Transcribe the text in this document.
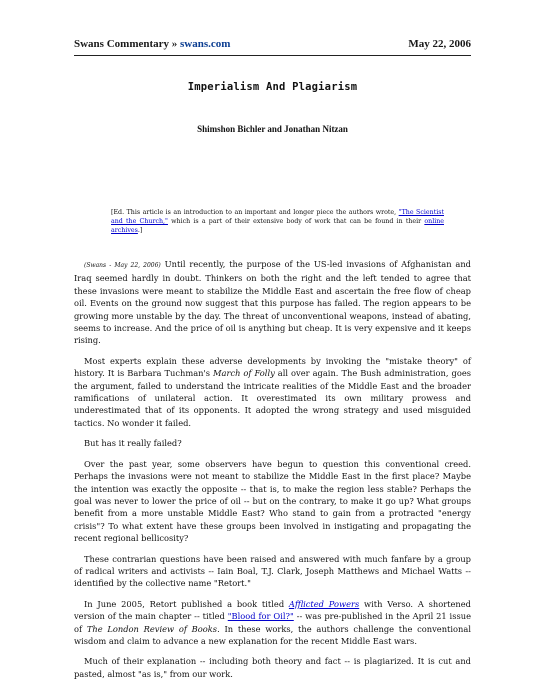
Swans Commentary » swans.com	May 22, 2006
Imperialism And Plagiarism
Shimshon Bichler and Jonathan Nitzan
[Ed. This article is an introduction to an important and longer piece the authors wrote, "The Scientist and the Church," which is a part of their extensive body of work that can be found in their online archives.]

(Swans - May 22, 2006) Until recently, the purpose of the US-led invasions of Afghanistan and Iraq seemed hardly in doubt. Thinkers on both the right and the left tended to agree that these invasions were meant to stabilize the Middle East and ascertain the free flow of cheap oil. Events on the ground now suggest that this purpose has failed. The region appears to be growing more unstable by the day. The threat of unconventional weapons, instead of abating, seems to increase. And the price of oil is anything but cheap. It is very expensive and it keeps rising.

Most experts explain these adverse developments by invoking the "mistake theory" of history. It is Barbara Tuchman's March of Folly all over again. The Bush administration, goes the argument, failed to understand the intricate realities of the Middle East and the broader ramifications of unilateral action. It overestimated its own military prowess and underestimated that of its opponents. It adopted the wrong strategy and used misguided tactics. No wonder it failed.

But has it really failed?

Over the past year, some observers have begun to question this conventional creed. Perhaps the invasions were not meant to stabilize the Middle East in the first place? Maybe the intention was exactly the opposite -- that is, to make the region less stable? Perhaps the goal was never to lower the price of oil -- but on the contrary, to make it go up? What groups benefit from a more unstable Middle East? Who stand to gain from a protracted "energy crisis"? To what extent have these groups been involved in instigating and propagating the recent regional bellicosity?

These contrarian questions have been raised and answered with much fanfare by a group of radical writers and activists -- Iain Boal, T.J. Clark, Joseph Matthews and Michael Watts -- identified by the collective name "Retort."

In June 2005, Retort published a book titled Afflicted Powers with Verso. A shortened version of the main chapter -- titled "Blood for Oil?" -- was pre-published in the April 21 issue of The London Review of Books. In these works, the authors challenge the conventional wisdom and claim to advance a new explanation for the recent Middle East wars.

Much of their explanation -- including both theory and fact -- is plagiarized. It is cut and pasted, almost "as is," from our work.
